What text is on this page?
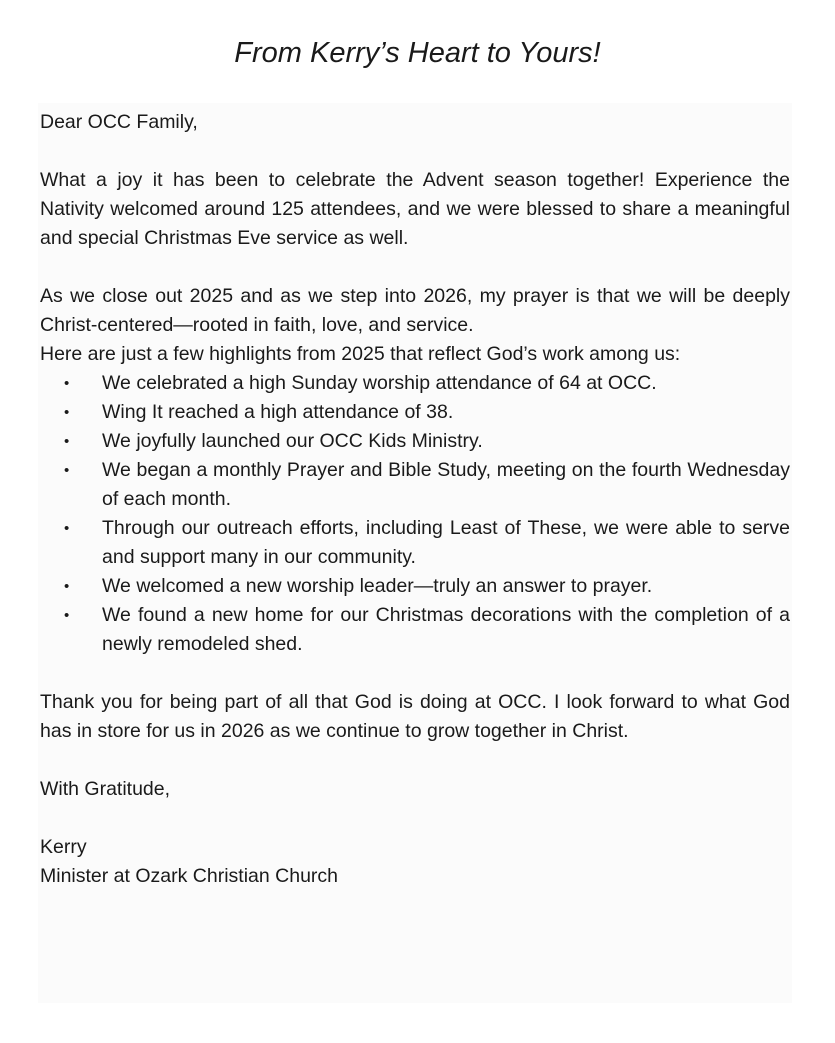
From Kerry’s Heart to Yours!

Dear OCC Family,

What a joy it has been to celebrate the Advent season together! Experience the Nativity welcomed around 125 attendees, and we were blessed to share a meaningful and special Christmas Eve service as well.

As we close out 2025 and as we step into 2026, my prayer is that we will be deeply Christ-centered—rooted in faith, love, and service.

Here are just a few highlights from 2025 that reflect God’s work among us:

• We celebrated a high Sunday worship attendance of 64 at OCC.
• Wing It reached a high attendance of 38.
• We joyfully launched our OCC Kids Ministry.
• We began a monthly Prayer and Bible Study, meeting on the fourth Wednesday of each month.
• Through our outreach efforts, including Least of These, we were able to serve and support many in our community.
• We welcomed a new worship leader—truly an answer to prayer.
• We found a new home for our Christmas decorations with the completion of a newly remodeled shed.

Thank you for being part of all that God is doing at OCC. I look forward to what God has in store for us in 2026 as we continue to grow together in Christ.

With Gratitude,

Kerry

Minister at Ozark Christian Church
